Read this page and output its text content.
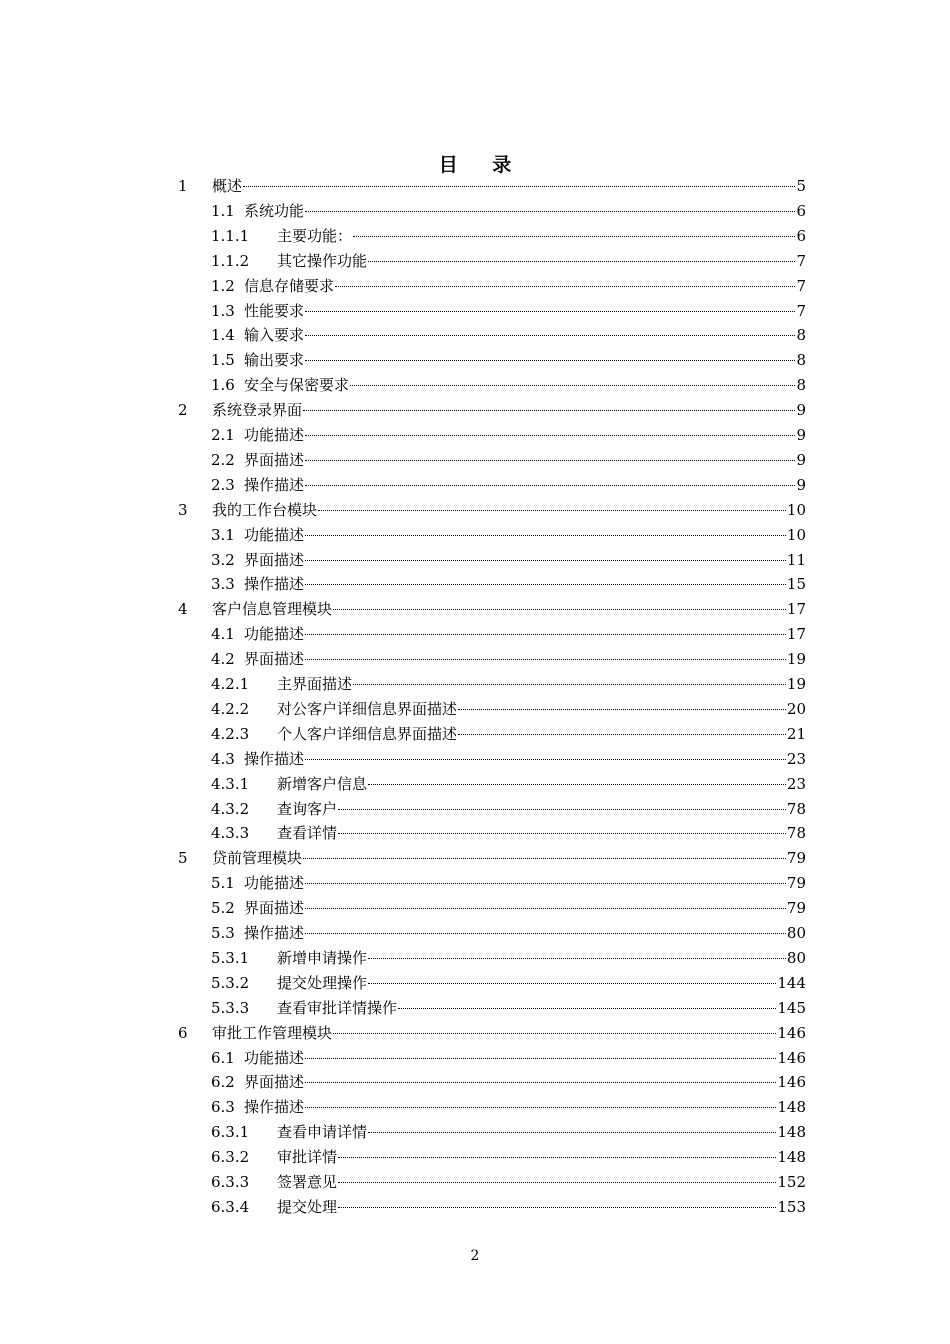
目 录
1	概述	5
1.1 系统功能	6
1.1.1	主要功能：	6
1.1.2	其它操作功能	7
1.2 信息存储要求	7
1.3 性能要求	7
1.4 输入要求	8
1.5 输出要求	8
1.6 安全与保密要求	8
2	系统登录界面	9
2.1 功能描述	9
2.2 界面描述	9
2.3 操作描述	9
3	我的工作台模块	10
3.1 功能描述	10
3.2 界面描述	11
3.3 操作描述	15
4	客户信息管理模块	17
4.1 功能描述	17
4.2 界面描述	19
4.2.1	主界面描述	19
4.2.2	对公客户详细信息界面描述	20
4.2.3	个人客户详细信息界面描述	21
4.3 操作描述	23
4.3.1	新增客户信息	23
4.3.2	查询客户	78
4.3.3	查看详情	78
5	贷前管理模块	79
5.1 功能描述	79
5.2 界面描述	79
5.3 操作描述	80
5.3.1	新增申请操作	80
5.3.2	提交处理操作	144
5.3.3	查看审批详情操作	145
6	审批工作管理模块	146
6.1 功能描述	146
6.2 界面描述	146
6.3 操作描述	148
6.3.1	查看申请详情	148
6.3.2	审批详情	148
6.3.3	签署意见	152
6.3.4	提交处理	153
2
